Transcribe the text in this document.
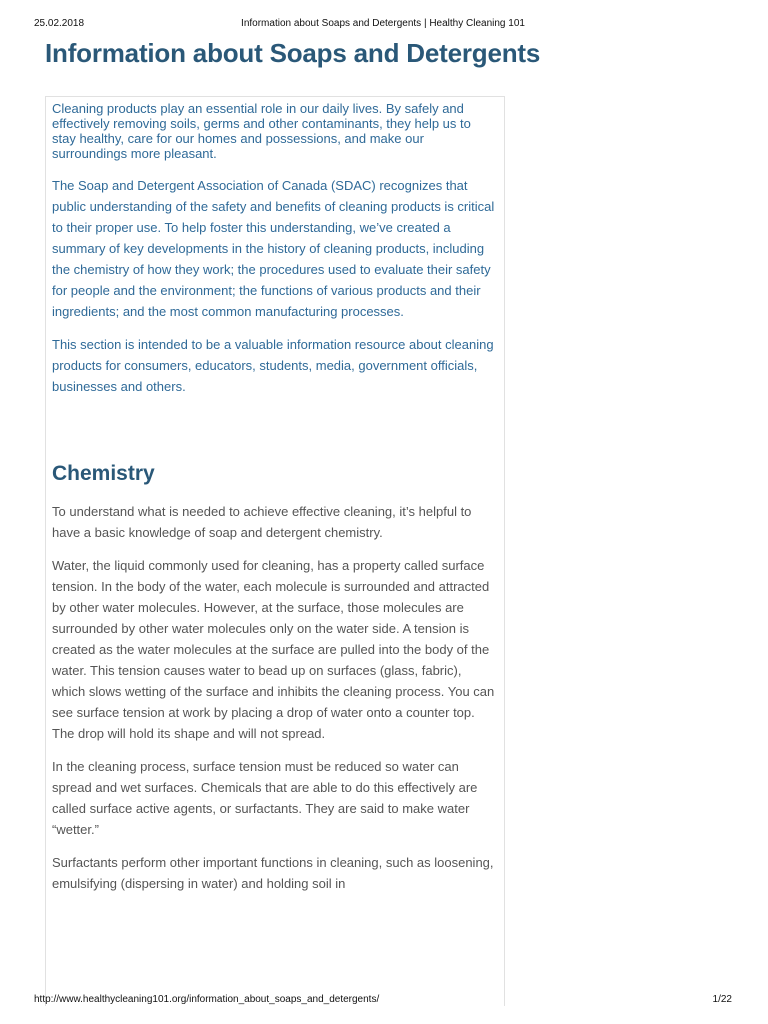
25.02.2018	Information about Soaps and Detergents | Healthy Cleaning 101
Information about Soaps and Detergents

Cleaning products play an essential role in our daily lives. By safely and effectively removing soils, germs and other contaminants, they help us to stay healthy, care for our homes and possessions, and make our surroundings more pleasant.

The Soap and Detergent Association of Canada (SDAC) recognizes that public understanding of the safety and benefits of cleaning products is critical to their proper use. To help foster this understanding, we’ve created a summary of key developments in the history of cleaning products, including the chemistry of how they work; the procedures used to evaluate their safety for people and the environment; the functions of various products and their ingredients; and the most common manufacturing processes.

This section is intended to be a valuable information resource about cleaning products for consumers, educators, students, media, government officials, businesses and others.

Chemistry

To understand what is needed to achieve effective cleaning, it’s helpful to have a basic knowledge of soap and detergent chemistry.

Water, the liquid commonly used for cleaning, has a property called surface tension. In the body of the water, each molecule is surrounded and attracted by other water molecules. However, at the surface, those molecules are surrounded by other water molecules only on the water side. A tension is created as the water molecules at the surface are pulled into the body of the water. This tension causes water to bead up on surfaces (glass, fabric), which slows wetting of the surface and inhibits the cleaning process. You can see surface tension at work by placing a drop of water onto a counter top. The drop will hold its shape and will not spread.

In the cleaning process, surface tension must be reduced so water can spread and wet surfaces. Chemicals that are able to do this effectively are called surface active agents, or surfactants. They are said to make water “wetter.”

Surfactants perform other important functions in cleaning, such as loosening, emulsifying (dispersing in water) and holding soil in

http://www.healthycleaning101.org/information_about_soaps_and_detergents/	1/22
